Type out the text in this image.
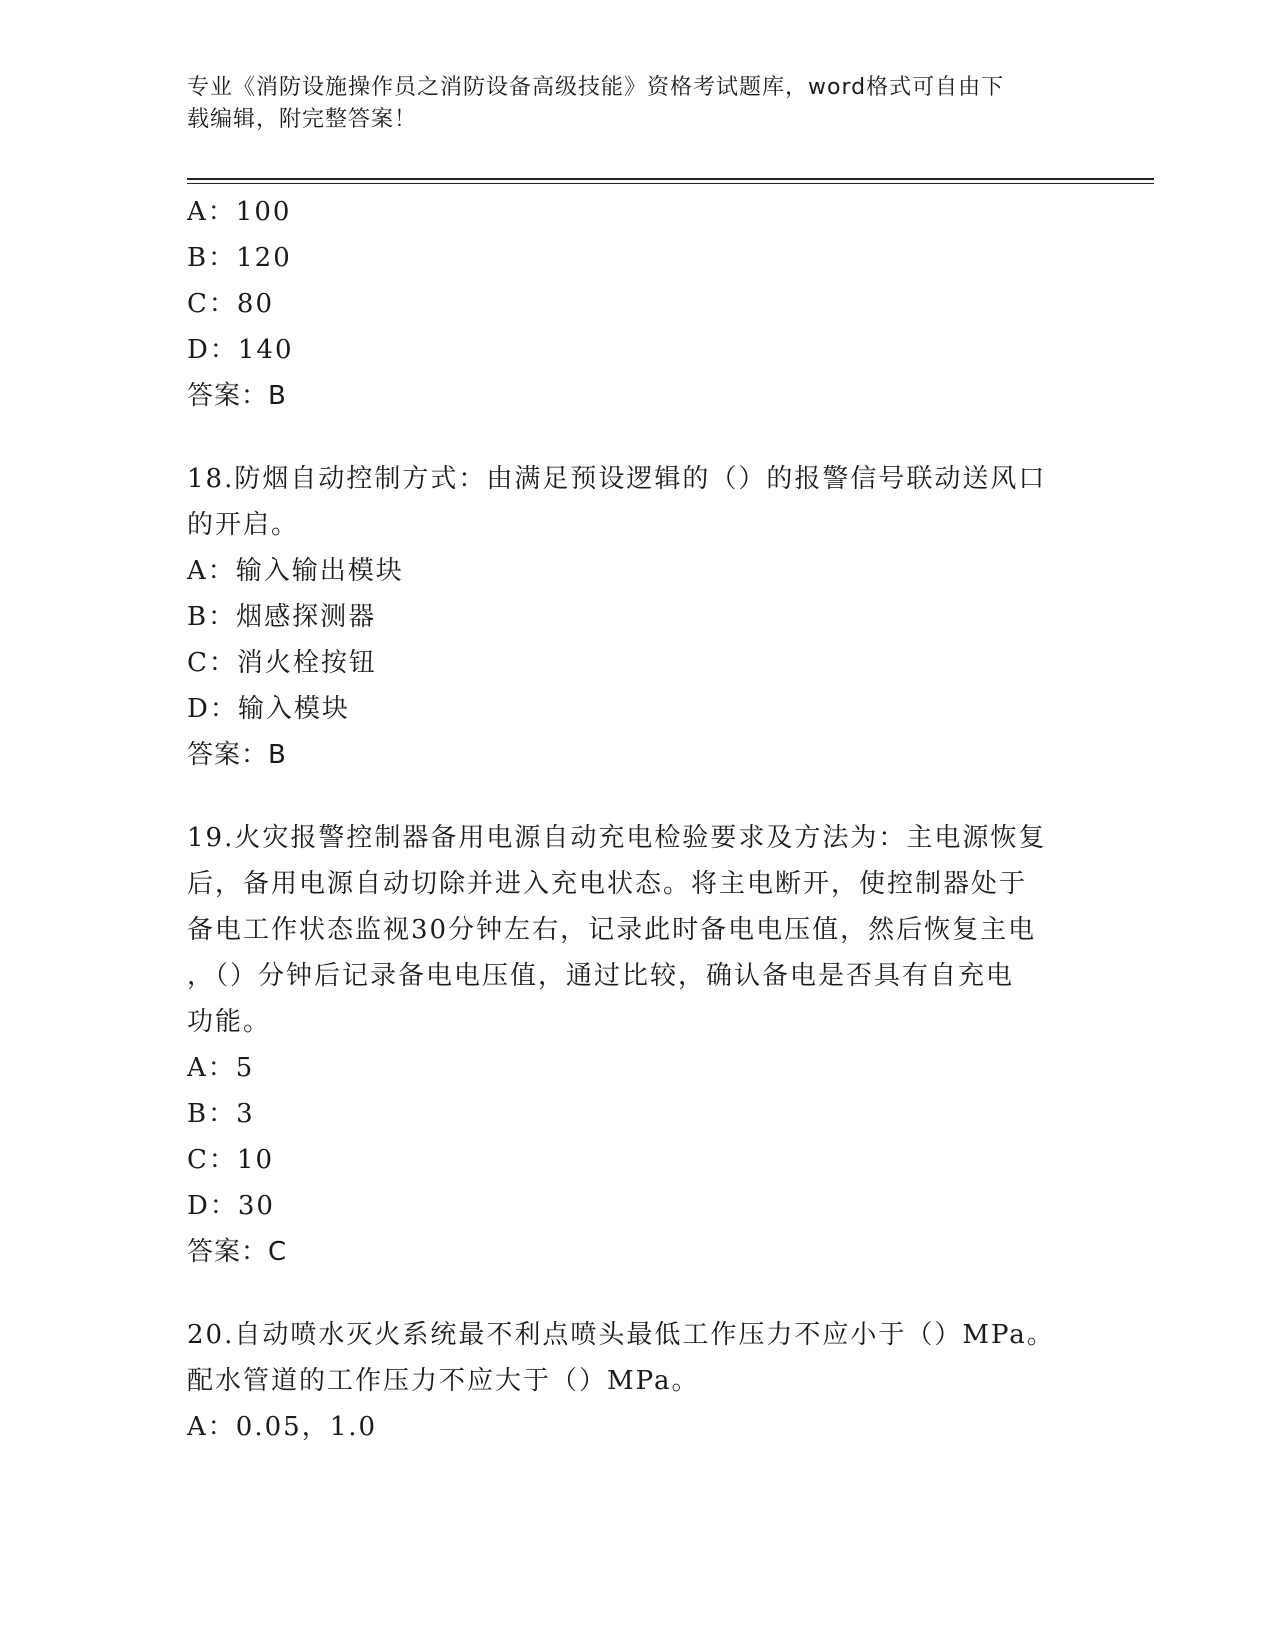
专业《消防设施操作员之消防设备高级技能》资格考试题库，word格式可自由下
载编辑，附完整答案！
A ： 100
B ： 120
C ： 80
D ： 140
答案：B
18.防烟自动控制方式：由满足预设逻辑的（）的报警信号联动送风口
的开启。
A ： 输入输出模块
B ： 烟感探测器
C ： 消火栓按钮
D ： 输入模块
答案：B
19.火灾报警控制器备用电源自动充电检验要求及方法为：主电源恢复
后，备用电源自动切除并进入充电状态。将主电断开，使控制器处于
备电工作状态监视30分钟左右，记录此时备电电压值，然后恢复主电
，（）分钟后记录备电电压值，通过比较，确认备电是否具有自充电
功能。
A ： 5
B ： 3
C ： 10
D ： 30
答案：C
20.自动喷水灭火系统最不利点喷头最低工作压力不应小于（）MPa。
配水管道的工作压力不应大于（）MPa。
A ： 0.05，1.0
